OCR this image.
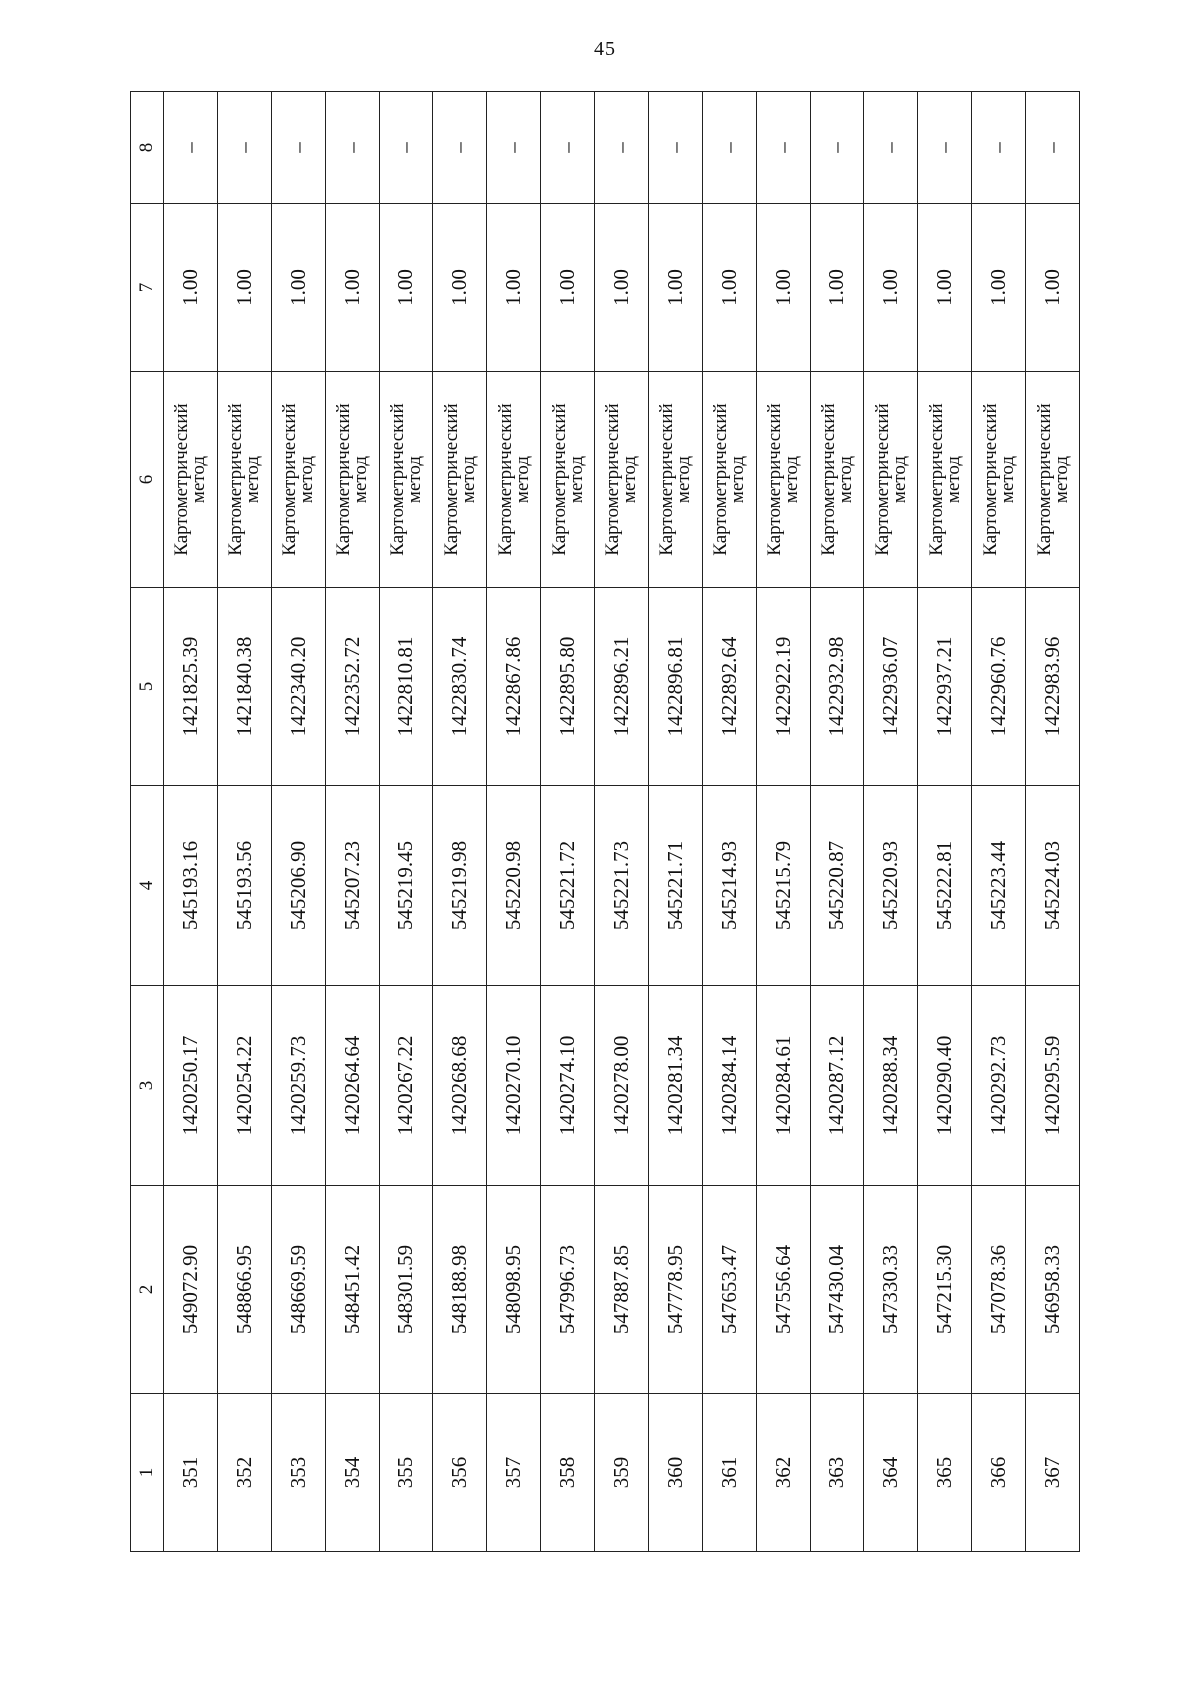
45
1	2	3	4	5	6	7	8
351	549072.90	1420250.17	545193.16	1421825.39	Картометрический метод	1.00	–
352	548866.95	1420254.22	545193.56	1421840.38	Картометрический метод	1.00	–
353	548669.59	1420259.73	545206.90	1422340.20	Картометрический метод	1.00	–
354	548451.42	1420264.64	545207.23	1422352.72	Картометрический метод	1.00	–
355	548301.59	1420267.22	545219.45	1422810.81	Картометрический метод	1.00	–
356	548188.98	1420268.68	545219.98	1422830.74	Картометрический метод	1.00	–
357	548098.95	1420270.10	545220.98	1422867.86	Картометрический метод	1.00	–
358	547996.73	1420274.10	545221.72	1422895.80	Картометрический метод	1.00	–
359	547887.85	1420278.00	545221.73	1422896.21	Картометрический метод	1.00	–
360	547778.95	1420281.34	545221.71	1422896.81	Картометрический метод	1.00	–
361	547653.47	1420284.14	545214.93	1422892.64	Картометрический метод	1.00	–
362	547556.64	1420284.61	545215.79	1422922.19	Картометрический метод	1.00	–
363	547430.04	1420287.12	545220.87	1422932.98	Картометрический метод	1.00	–
364	547330.33	1420288.34	545220.93	1422936.07	Картометрический метод	1.00	–
365	547215.30	1420290.40	545222.81	1422937.21	Картометрический метод	1.00	–
366	547078.36	1420292.73	545223.44	1422960.76	Картометрический метод	1.00	–
367	546958.33	1420295.59	545224.03	1422983.96	Картометрический метод	1.00	–
